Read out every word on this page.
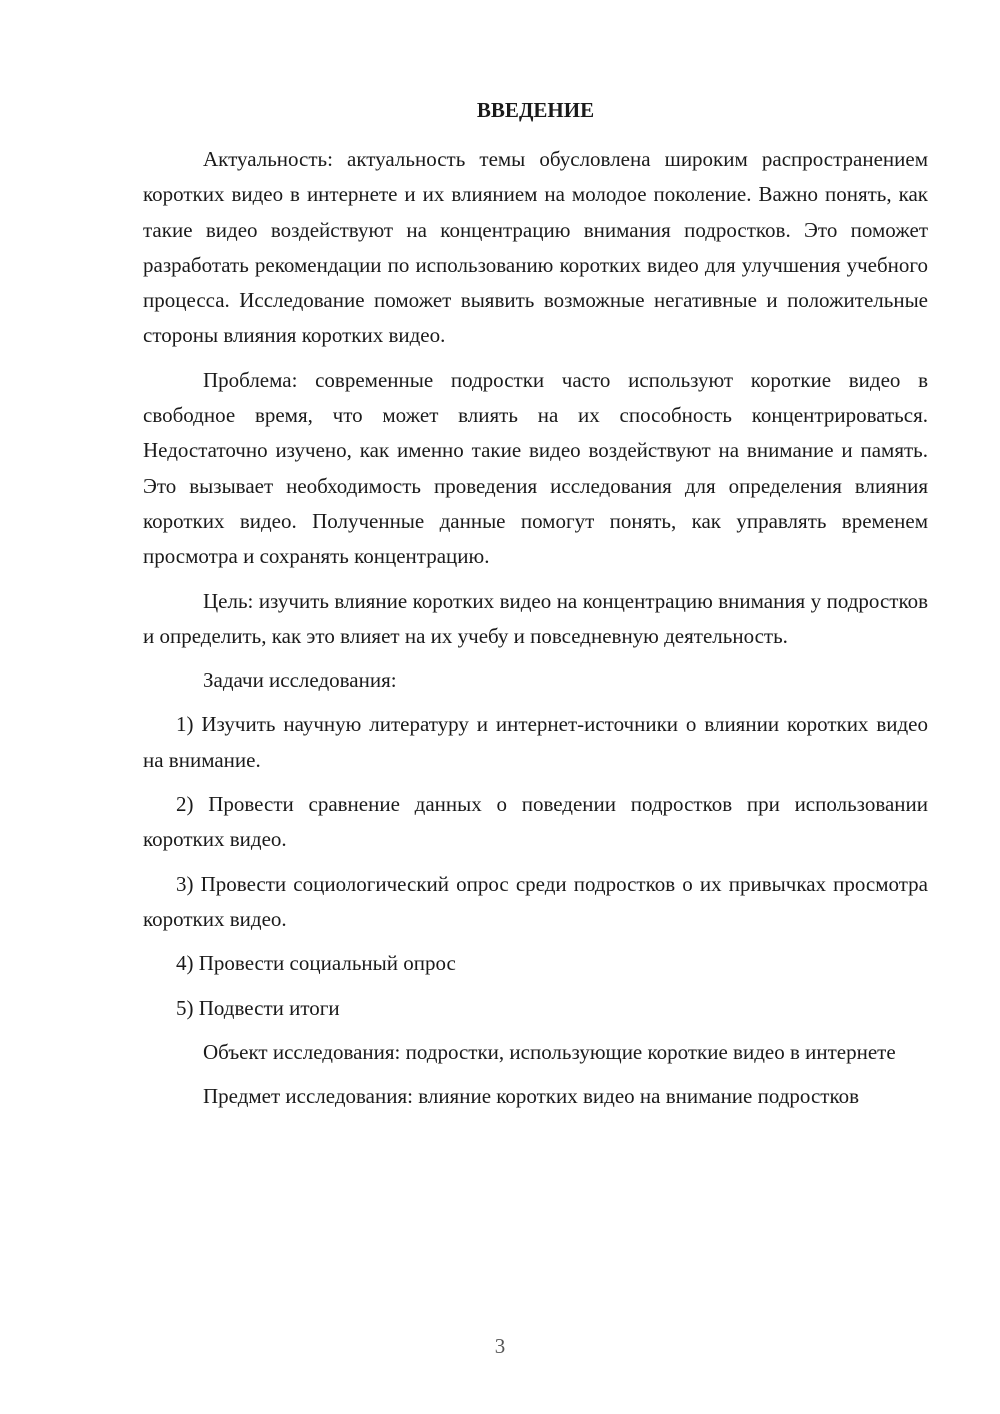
ВВЕДЕНИЕ

Актуальность: актуальность темы обусловлена широким распространением коротких видео в интернете и их влиянием на молодое поколение. Важно понять, как такие видео воздействуют на концентрацию внимания подростков. Это поможет разработать рекомендации по использованию коротких видео для улучшения учебного процесса. Исследование поможет выявить возможные негативные и положительные стороны влияния коротких видео.

Проблема: современные подростки часто используют короткие видео в свободное время, что может влиять на их способность концентрироваться. Недостаточно изучено, как именно такие видео воздействуют на внимание и память. Это вызывает необходимость проведения исследования для определения влияния коротких видео. Полученные данные помогут понять, как управлять временем просмотра и сохранять концентрацию.

Цель: изучить влияние коротких видео на концентрацию внимания у подростков и определить, как это влияет на их учебу и повседневную деятельность.

Задачи исследования:

1) Изучить научную литературу и интернет-источники о влиянии коротких видео на внимание.

2) Провести сравнение данных о поведении подростков при использовании коротких видео.

3) Провести социологический опрос среди подростков о их привычках просмотра коротких видео.

4) Провести социальный опрос

5) Подвести итоги

Объект исследования: подростки, использующие короткие видео в интернете

Предмет исследования: влияние коротких видео на внимание подростков

3
